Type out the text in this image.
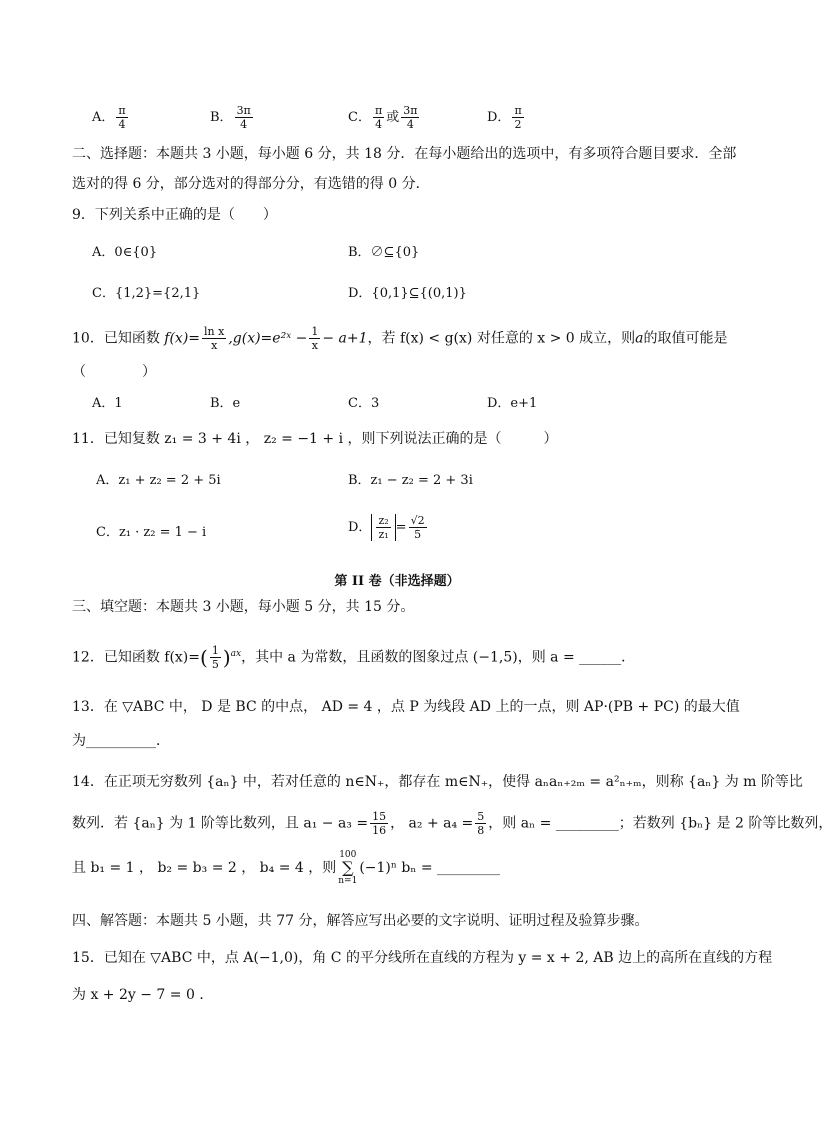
A． $\frac{\pi}{4}$	B． $\frac{3\pi}{4}$	C． $\frac{\pi}{4}$ 或 $\frac{3\pi}{4}$	D． $\frac{\pi}{2}$
二、选择题：本题共 3 小题，每小题 6 分，共 18 分．在每小题给出的选项中，有多项符合题目要求．全部
选对的得 6 分，部分选对的得部分分，有选错的得 0 分．
9．下列关系中正确的是（　　）
A．0∈{0}	B．∅⊆{0}
C．{1,2}={2,1}	D．{0,1}⊆{(0,1)}
10．已知函数 $f(x)= \frac{\text{ln x}}{x}$ ,g(x)=e²ˣ − $\frac{1}{x} - a+1$，若 f(x) < g(x) 对任意的 x > 0 成立，则a的取值可能是
（　　　　）
A．1	B．e	C．3	D．e+1
11．已知复数 z₁ = 3 + 4i ， z₂ = −1 + i ，则下列说法正确的是（　　　）
A．z₁ + z₂ = 2 + 5i	B．z₁ − z₂ = 2 + 3i
C．z₁ · z₂ = 1 − i	D． $\frac{\text{z₂}}{\text{z₁}} = \frac{√2}{5}$
第 II 卷（非选择题）
三、填空题：本题共 3 小题，每小题 5 分，共 15 分。
12．已知函数 $f(x)=( \frac{1}{5} )^{ax}$，其中 a 为常数，且函数的图象过点 (−1,5)，则 a = ______．
13．在 ▽ABC 中， D 是 BC 的中点， AD = 4 ，点 P 为线段 AD 上的一点，则 AP·(PB + PC) 的最大值
为__________．
14．在正项无穷数列 {aₙ} 中，若对任意的 n∈N₊，都存在 m∈N₊，使得 aₙaₙ₊₂ₘ = a²ₙ₊ₘ，则称 {aₙ} 为 m 阶等比
数列．若 {aₙ} 为 1 阶等比数列，且 $a_1 - a_3 = \frac{15}{16}$ ， $a_2 + a_4 = \frac{5}{8}$ ，则 aₙ = _________；若数列 {bₙ} 是 2 阶等比数列，
且 b₁ = 1 ， b₂ = b₃ = 2 ， b₄ = 4 ，则
100
∑
n=1
(−1)ⁿ bₙ = _________
四、解答题：本题共 5 小题，共 77 分，解答应写出必要的文字说明、证明过程及验算步骤。
15．已知在 ▽ABC 中，点 A(−1,0)，角 C 的平分线所在直线的方程为 y = x + 2, AB 边上的高所在直线的方程
为 x + 2y − 7 = 0 ．
